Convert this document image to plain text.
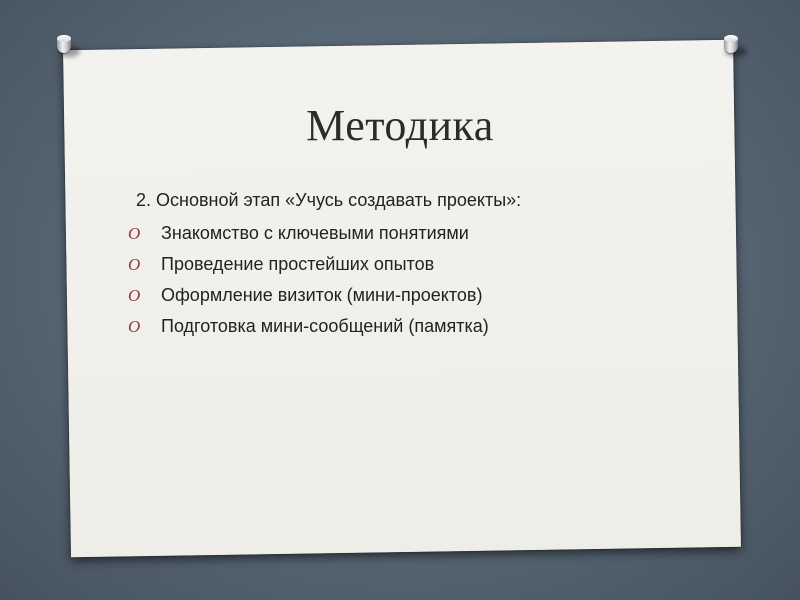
Методика
2. Основной этап «Учусь создавать проекты»:
O Знакомство с ключевыми понятиями
O Проведение простейших опытов
O Оформление визиток (мини-проектов)
O Подготовка мини-сообщений (памятка)
